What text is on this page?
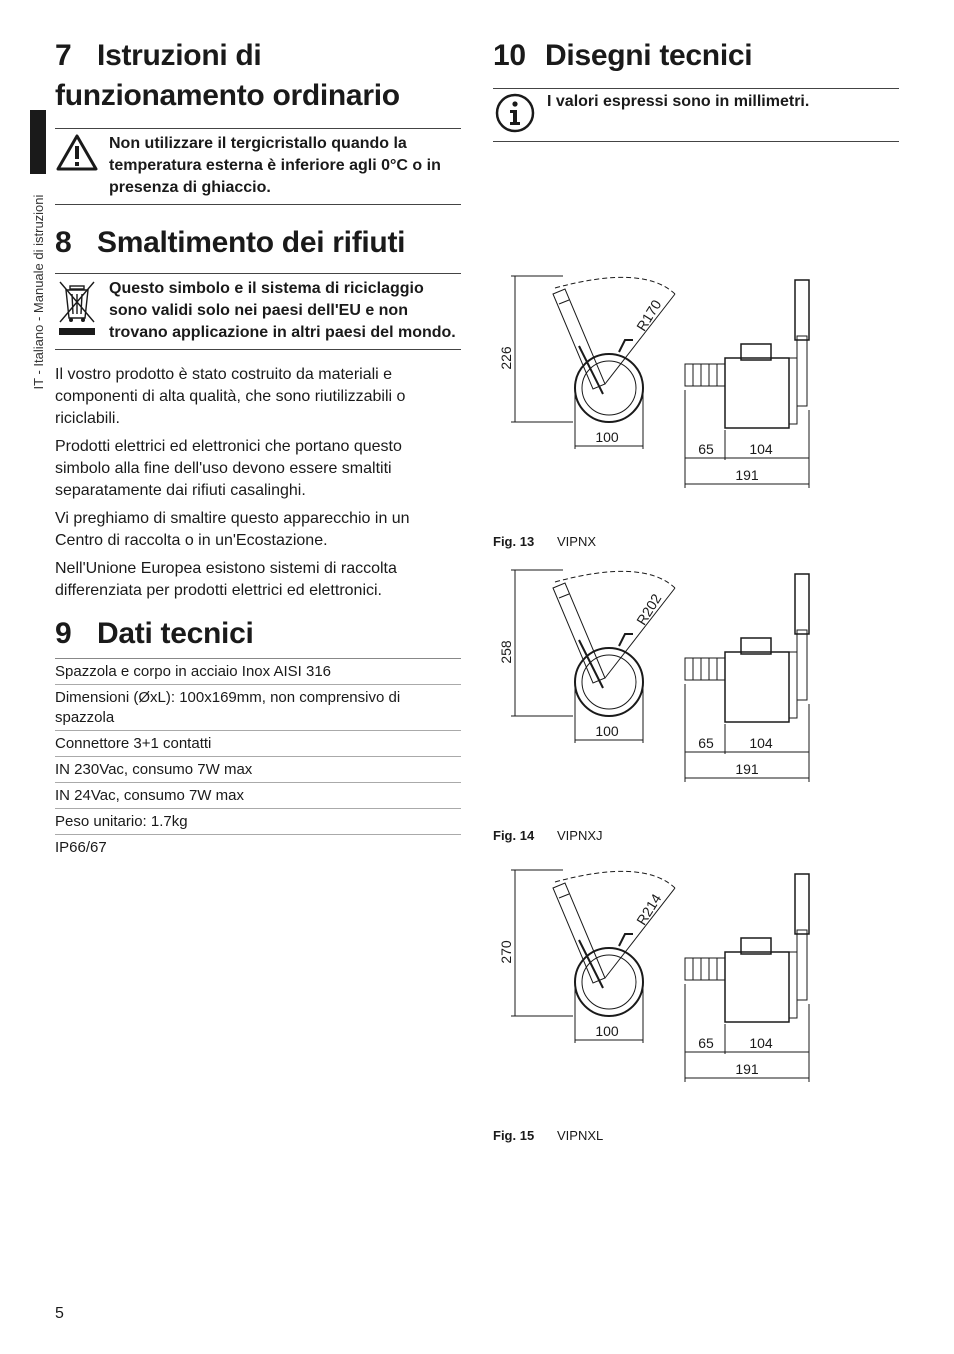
IT - Italiano - Manuale di istruzioni
7 Istruzioni di
funzionamento ordinario
Non utilizzare il tergicristallo quando la temperatura esterna è inferiore agli 0°C o in presenza di ghiaccio.
8 Smaltimento dei rifiuti
Questo simbolo e il sistema di riciclaggio sono validi solo nei paesi dell'EU e non trovano applicazione in altri paesi del mondo.

Il vostro prodotto è stato costruito da materiali e componenti di alta qualità, che sono riutilizzabili o riciclabili.

Prodotti elettrici ed elettronici che portano questo simbolo alla fine dell'uso devono essere smaltiti separatamente dai rifiuti casalinghi.

Vi preghiamo di smaltire questo apparecchio in un Centro di raccolta o in un'Ecostazione.

Nell'Unione Europea esistono sistemi di raccolta differenziata per prodotti elettrici ed elettronici.

9 Dati tecnici
Spazzola e corpo in acciaio Inox AISI 316
Dimensioni (ØxL): 100x169mm, non comprensivo di spazzola
Connettore 3+1 contatti
IN 230Vac, consumo 7W max
IN 24Vac, consumo 7W max
Peso unitario: 1.7kg
IP66/67
10 Disegni tecnici
I valori espressi sono in millimetri.
226
R170
100
65	104
191
Fig. 13 VIPNX
258
R202
100
65	104
191
Fig. 14 VIPNXJ
270
R214
100
65	104
191
Fig. 15 VIPNXL
5
